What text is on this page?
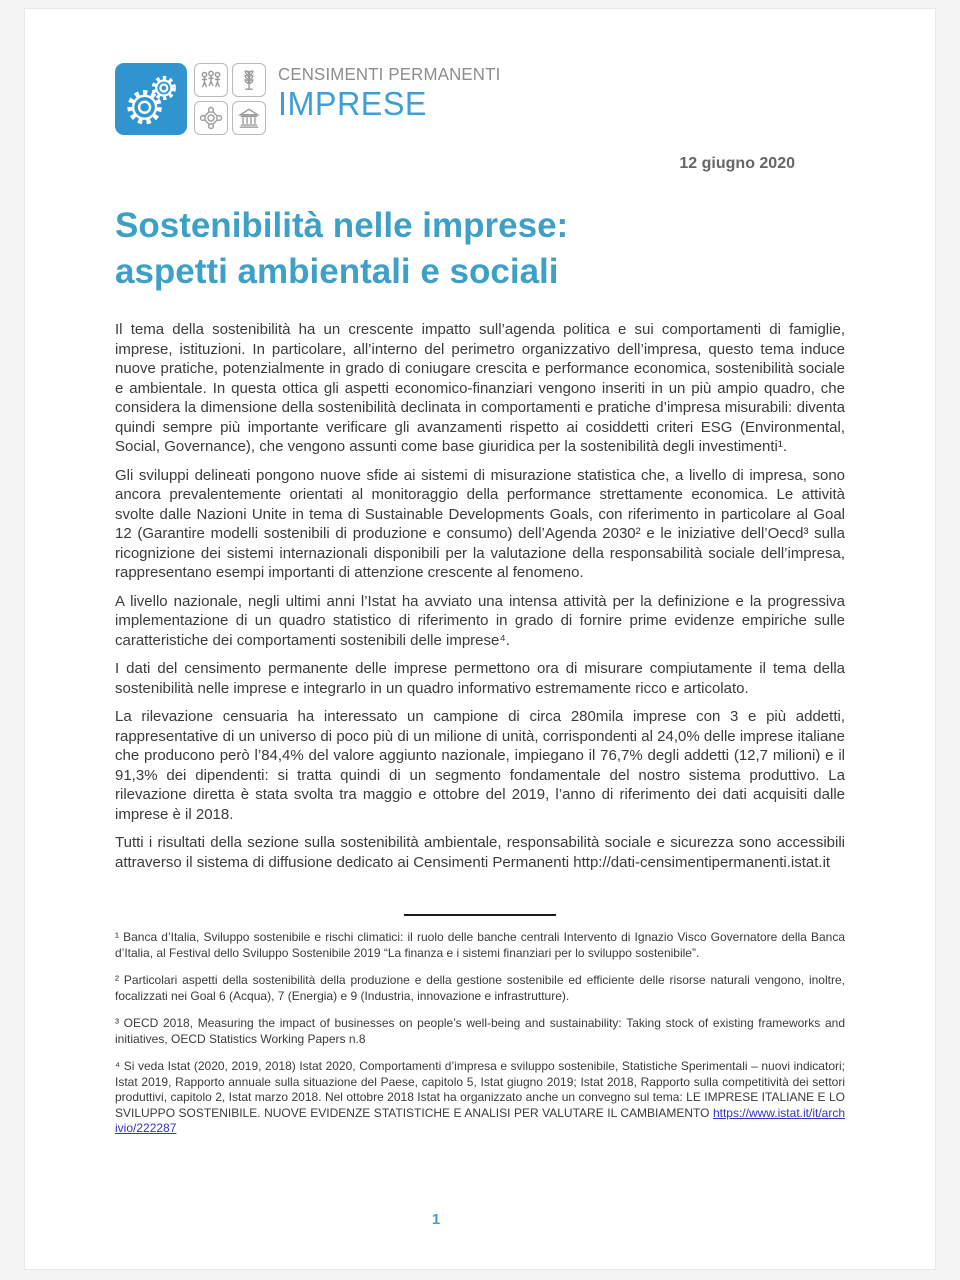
CENSIMENTI PERMANENTI
IMPRESE
12 giugno 2020
Sostenibilità nelle imprese:
aspetti ambientali e sociali

Il tema della sostenibilità ha un crescente impatto sull’agenda politica e sui comportamenti di famiglie, imprese, istituzioni. In particolare, all’interno del perimetro organizzativo dell’impresa, questo tema induce nuove pratiche, potenzialmente in grado di coniugare crescita e performance economica, sostenibilità sociale e ambientale. In questa ottica gli aspetti economico-finanziari vengono inseriti in un più ampio quadro, che considera la dimensione della sostenibilità declinata in comportamenti e pratiche d’impresa misurabili: diventa quindi sempre più importante verificare gli avanzamenti rispetto ai cosiddetti criteri ESG (Environmental, Social, Governance), che vengono assunti come base giuridica per la sostenibilità degli investimenti¹.

Gli sviluppi delineati pongono nuove sfide ai sistemi di misurazione statistica che, a livello di impresa, sono ancora prevalentemente orientati al monitoraggio della performance strettamente economica. Le attività svolte dalle Nazioni Unite in tema di Sustainable Developments Goals, con riferimento in particolare al Goal 12 (Garantire modelli sostenibili di produzione e consumo) dell’Agenda 2030² e le iniziative dell’Oecd³ sulla ricognizione dei sistemi internazionali disponibili per la valutazione della responsabilità sociale dell’impresa, rappresentano esempi importanti di attenzione crescente al fenomeno.

A livello nazionale, negli ultimi anni l’Istat ha avviato una intensa attività per la definizione e la progressiva implementazione di un quadro statistico di riferimento in grado di fornire prime evidenze empiriche sulle caratteristiche dei comportamenti sostenibili delle imprese⁴.

I dati del censimento permanente delle imprese permettono ora di misurare compiutamente il tema della sostenibilità nelle imprese e integrarlo in un quadro informativo estremamente ricco e articolato.

La rilevazione censuaria ha interessato un campione di circa 280mila imprese con 3 e più addetti, rappresentative di un universo di poco più di un milione di unità, corrispondenti al 24,0% delle imprese italiane che producono però l’84,4% del valore aggiunto nazionale, impiegano il 76,7% degli addetti (12,7 milioni) e il 91,3% dei dipendenti: si tratta quindi di un segmento fondamentale del nostro sistema produttivo. La rilevazione diretta è stata svolta tra maggio e ottobre del 2019, l’anno di riferimento dei dati acquisiti dalle imprese è il 2018.

Tutti i risultati della sezione sulla sostenibilità ambientale, responsabilità sociale e sicurezza sono accessibili attraverso il sistema di diffusione dedicato ai Censimenti Permanenti http://dati-censimentipermanenti.istat.it

¹ Banca d’Italia, Sviluppo sostenibile e rischi climatici: il ruolo delle banche centrali Intervento di Ignazio Visco Governatore della Banca d’Italia, al Festival dello Sviluppo Sostenibile 2019 “La finanza e i sistemi finanziari per lo sviluppo sostenibile”.

² Particolari aspetti della sostenibilità della produzione e della gestione sostenibile ed efficiente delle risorse naturali vengono, inoltre, focalizzati nei Goal 6 (Acqua), 7 (Energia) e 9 (Industria, innovazione e infrastrutture).

³ OECD 2018, Measuring the impact of businesses on people’s well-being and sustainability: Taking stock of existing frameworks and initiatives, OECD Statistics Working Papers n.8

⁴ Si veda Istat (2020, 2019, 2018) Istat 2020, Comportamenti d’impresa e sviluppo sostenibile, Statistiche Sperimentali – nuovi indicatori; Istat 2019, Rapporto annuale sulla situazione del Paese, capitolo 5, Istat giugno 2019; Istat 2018, Rapporto sulla competitività dei settori produttivi, capitolo 2, Istat marzo 2018. Nel ottobre 2018 Istat ha organizzato anche un convegno sul tema: LE IMPRESE ITALIANE E LO SVILUPPO SOSTENIBILE. NUOVE EVIDENZE STATISTICHE E ANALISI PER VALUTARE IL CAMBIAMENTO https://www.istat.it/it/archivio/222287

1
